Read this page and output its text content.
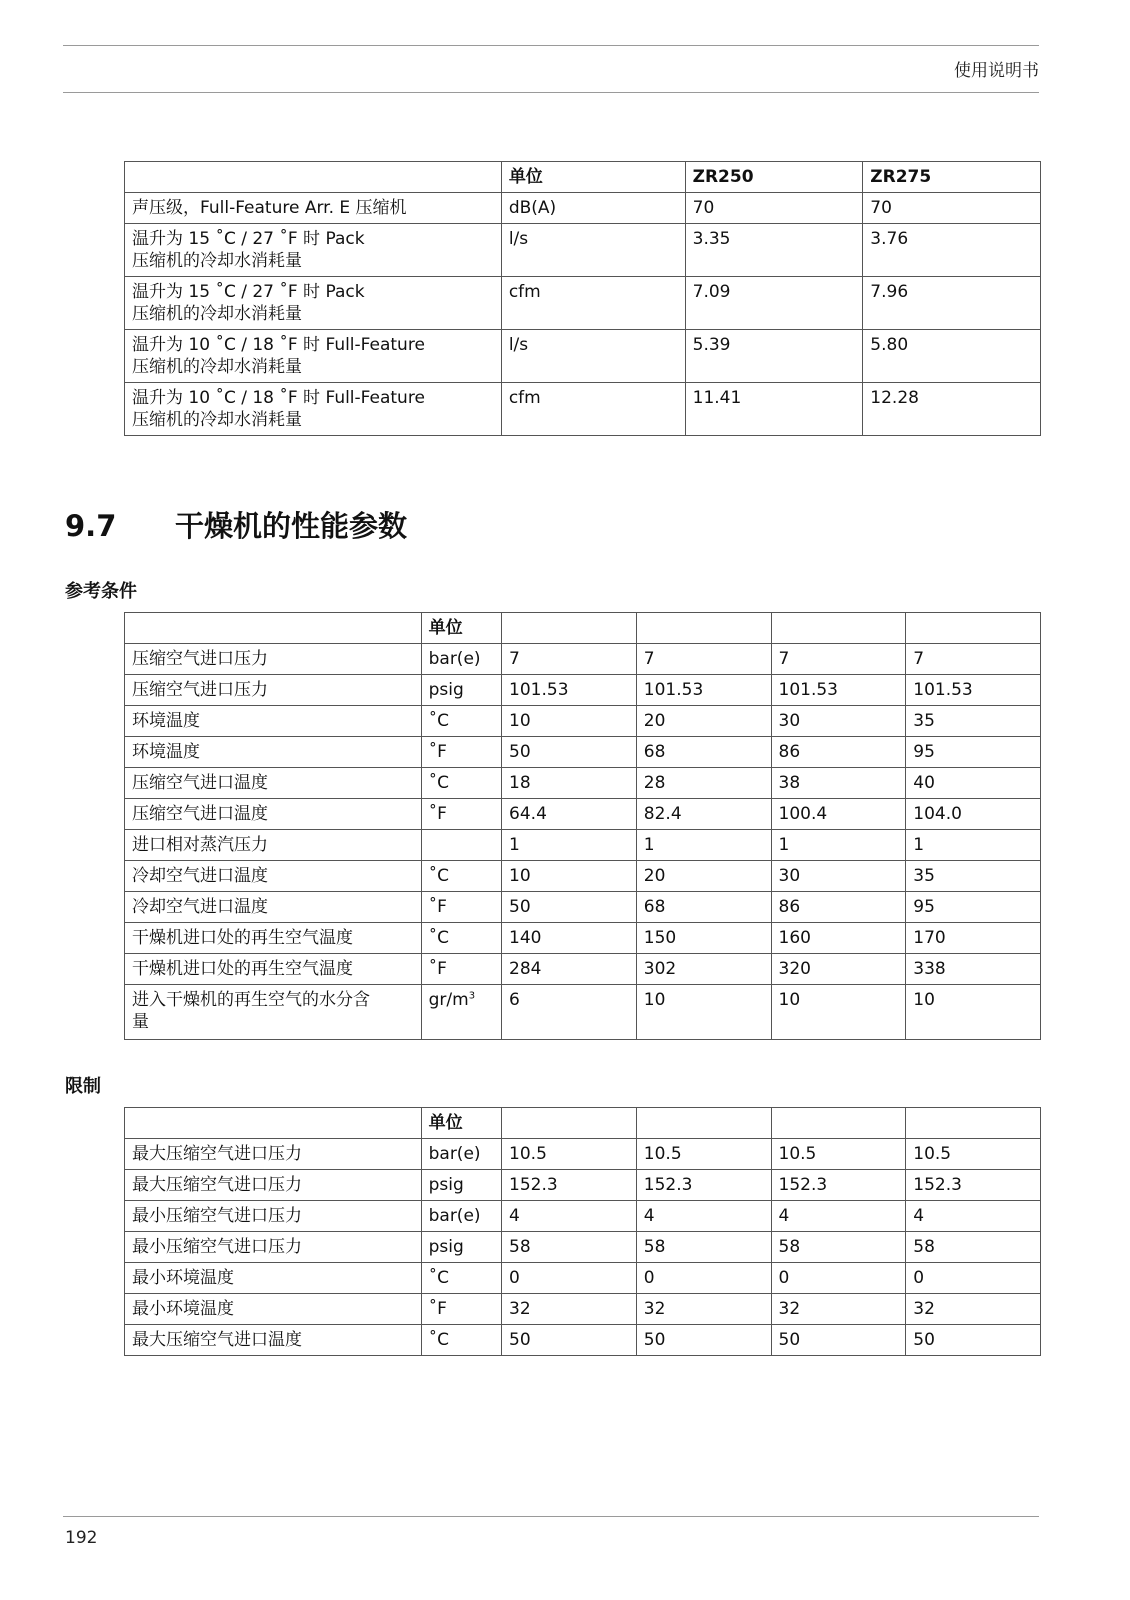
使用说明书
	单位	ZR250	ZR275
声压级，Full-Feature Arr. E 压缩机	dB(A)	70	70

温升为 15 ˚C / 27 ˚F 时 Pack
压缩机的冷却水消耗量	l/s	3.35	3.76

温升为 15 ˚C / 27 ˚F 时 Pack
压缩机的冷却水消耗量	cfm	7.09	7.96

温升为 10 ˚C / 18 ˚F 时 Full-Feature
压缩机的冷却水消耗量	l/s	5.39	5.80

温升为 10 ˚C / 18 ˚F 时 Full-Feature
压缩机的冷却水消耗量	cfm	11.41	12.28
9.7 干燥机的性能参数
参考条件
	单位				
压缩空气进口压力	bar(e)	7	7	7	7
压缩空气进口压力	psig	101.53	101.53	101.53	101.53
环境温度	˚C	10	20	30	35
环境温度	˚F	50	68	86	95
压缩空气进口温度	˚C	18	28	38	40
压缩空气进口温度	˚F	64.4	82.4	100.4	104.0
进口相对蒸汽压力		1	1	1	1
冷却空气进口温度	˚C	10	20	30	35
冷却空气进口温度	˚F	50	68	86	95
干燥机进口处的再生空气温度	˚C	140	150	160	170
干燥机进口处的再生空气温度	˚F	284	302	320	338

进入干燥机的再生空气的水分含
量	$gr/m^3$	6	10	10	10
限制
	单位				
最大压缩空气进口压力	bar(e)	10.5	10.5	10.5	10.5
最大压缩空气进口压力	psig	152.3	152.3	152.3	152.3
最小压缩空气进口压力	bar(e)	4	4	4	4
最小压缩空气进口压力	psig	58	58	58	58
最小环境温度	˚C	0	0	0	0
最小环境温度	˚F	32	32	32	32
最大压缩空气进口温度	˚C	50	50	50	50
192
